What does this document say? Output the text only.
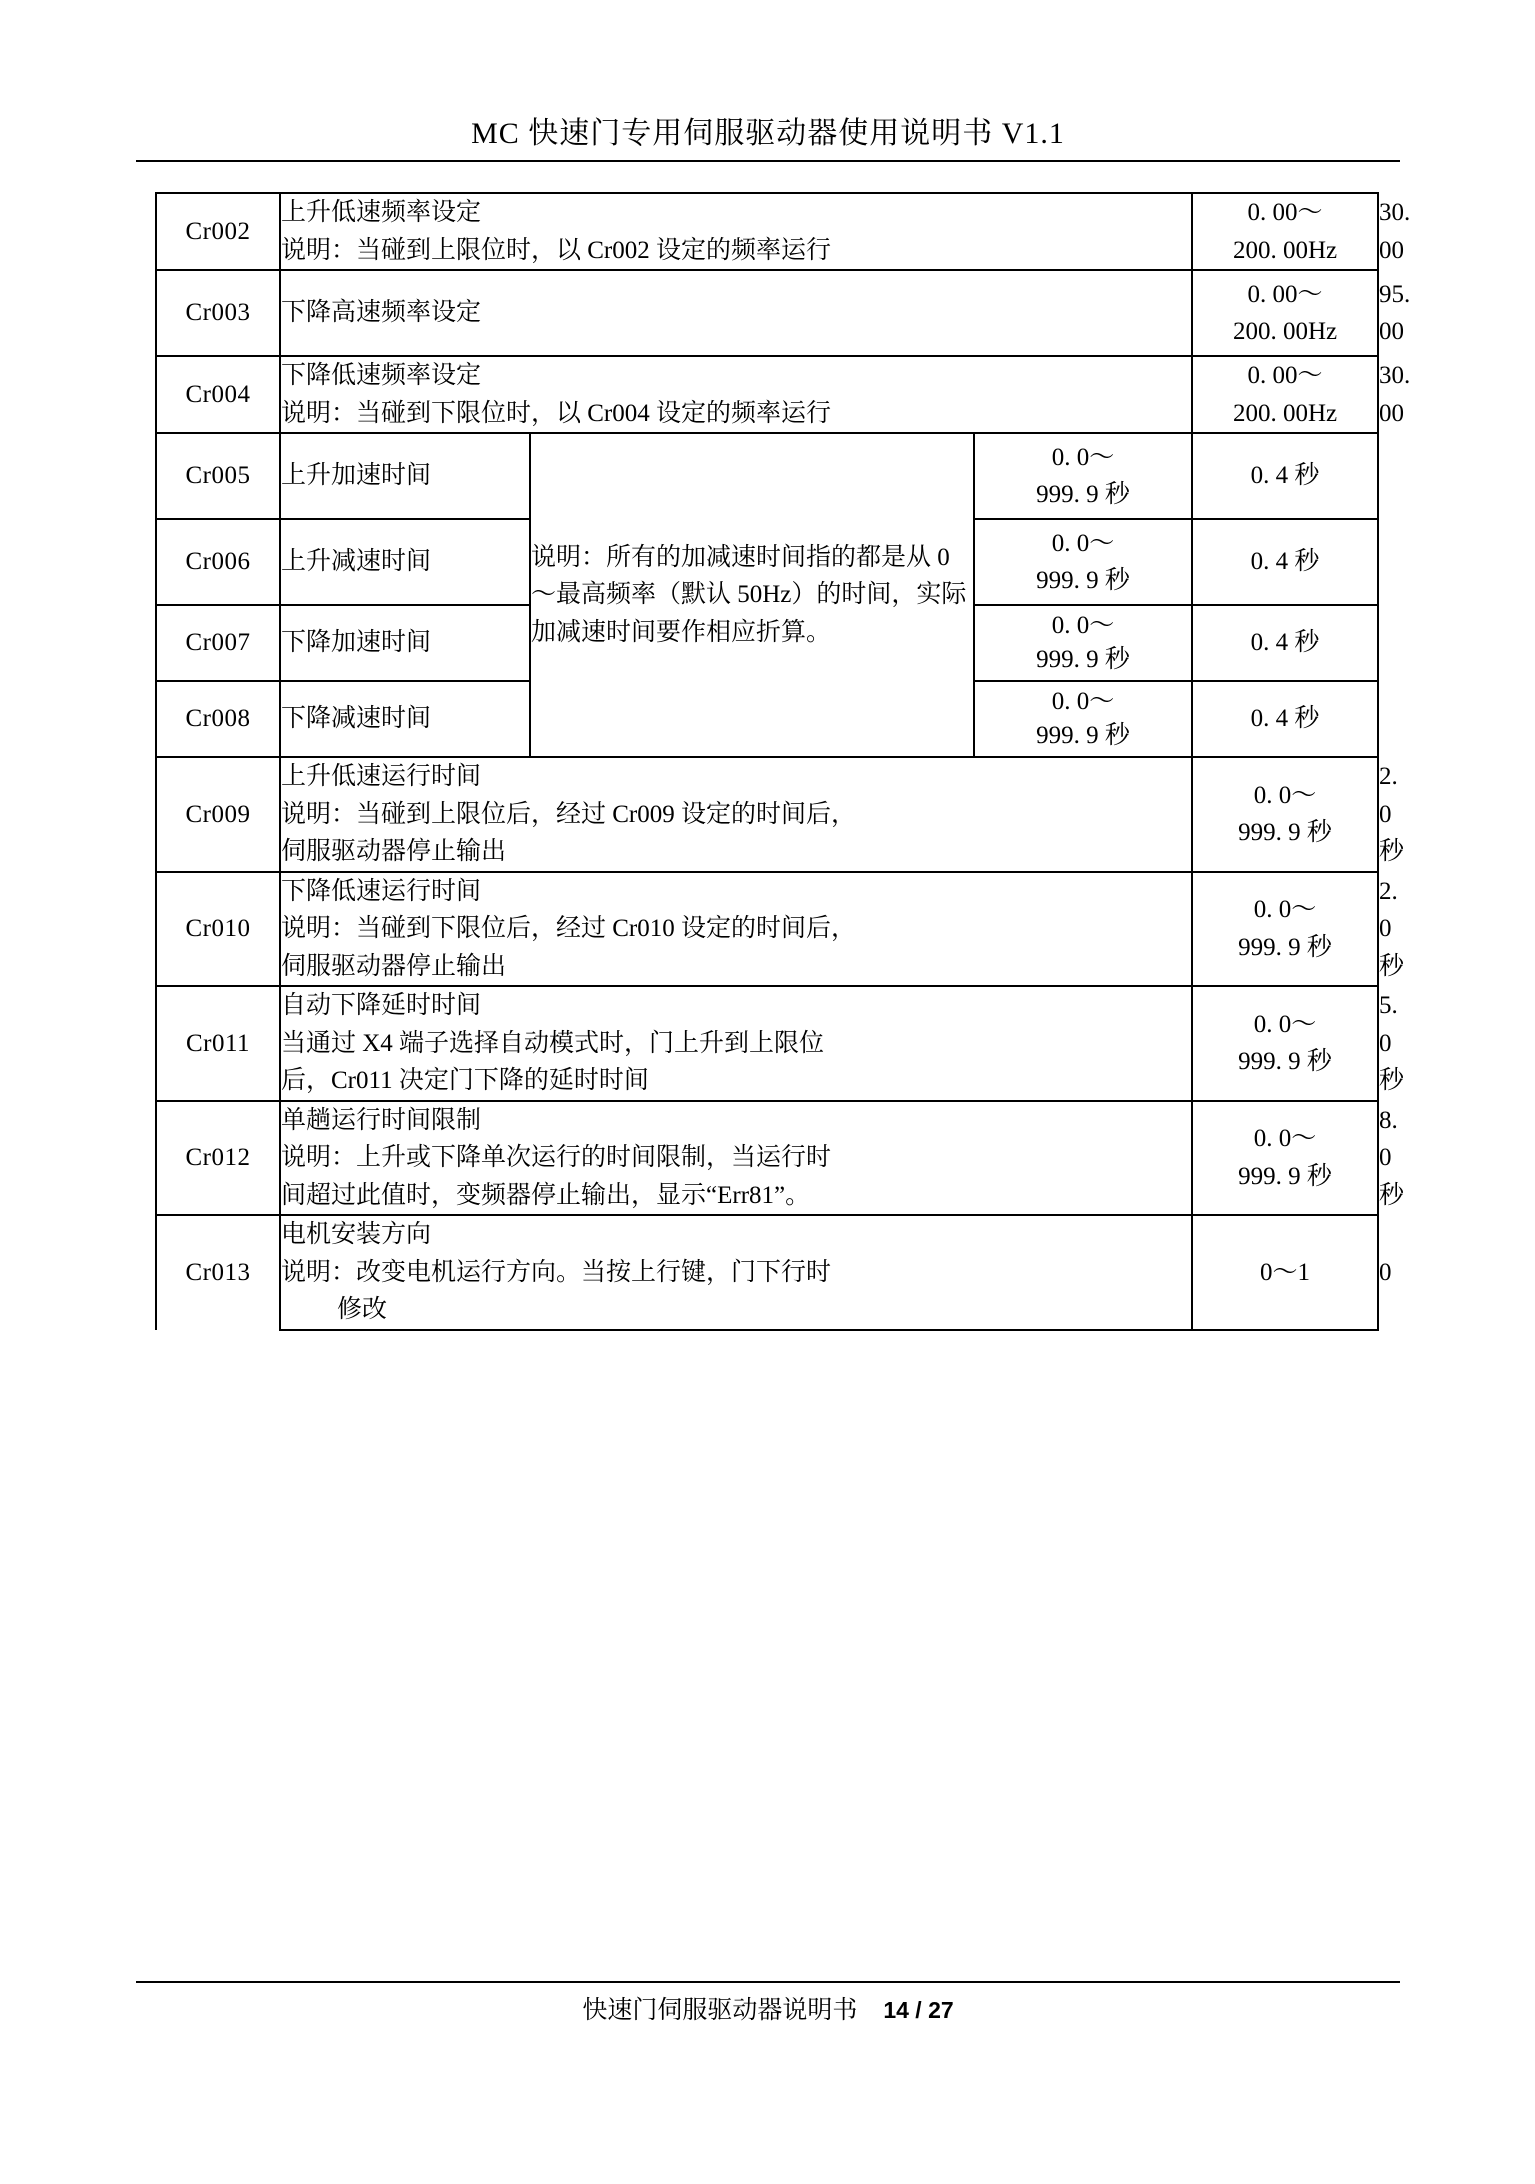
MC 快速门专用伺服驱动器使用说明书 V1.1
Cr002	上升低速频率设定			0. 00～
200. 00Hz	30. 00
	说明：当碰到上限位时，以 Cr002 设定的频率运行				
Cr003	下降高速频率设定			0. 00～
200. 00Hz	95. 00
Cr004	下降低速频率设定			0. 00～
200. 00Hz	30. 00
	说明：当碰到下限位时，以 Cr004 设定的频率运行				
Cr005	上升加速时间	说明：所有的加减速时间指的都是从 0～最高频率（默认 50Hz）的时间，实际加减速时间要作相应折算。	0. 0～
999. 9 秒	0. 4 秒	
Cr006	上升减速时间		0. 0～
999. 9 秒	0. 4 秒	
Cr007	下降加速时间		0. 0～
999. 9 秒	0. 4 秒	
Cr008	下降减速时间		0. 0～
999. 9 秒	0. 4 秒	
Cr009	上升低速运行时间			0. 0～
999. 9 秒	2. 0 秒

	说明：当碰到上限位后，经过 Cr009 设定的时间后，
伺服驱动器停止输出				

Cr010	下降低速运行时间			0. 0～
999. 9 秒	2. 0 秒

	说明：当碰到下限位后，经过 Cr010 设定的时间后，
伺服驱动器停止输出				

Cr011	自动下降延时时间			0. 0～
999. 9 秒	5. 0 秒

	当通过 X4 端子选择自动模式时，门上升到上限位
后，Cr011 决定门下降的延时时间				

Cr012	单趟运行时间限制			0. 0～
999. 9 秒	8. 0 秒

	说明：上升或下降单次运行的时间限制，当运行时
间超过此值时，变频器停止输出，显示“Err81”。				

Cr013	电机安装方向			0～1	0

	说明：改变电机运行方向。当按上行键，门下行时
修改				
快速门伺服驱动器说明书 14 / 27
